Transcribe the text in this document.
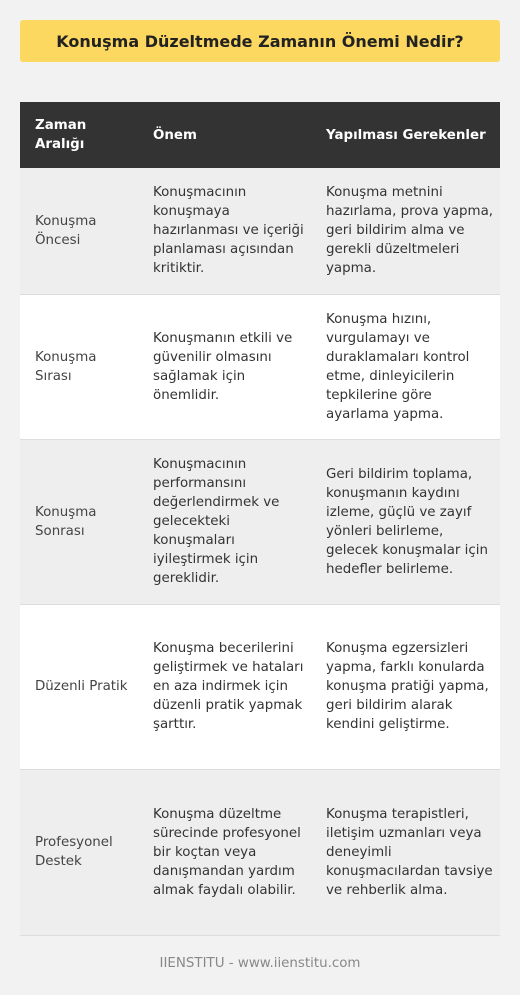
Konuşma Düzeltmede Zamanın Önemi Nedir?
Zaman Aralığı	Önem	Yapılması Gerekenler
Konuşma Öncesi	Konuşmacının konuşmaya hazırlanması ve içeriği planlaması açısından kritiktir.	Konuşma metnini hazırlama, prova yapma, geri bildirim alma ve gerekli düzeltmeleri yapma.
Konuşma Sırası	Konuşmanın etkili ve güvenilir olmasını sağlamak için önemlidir.	Konuşma hızını, vurgulamayı ve duraklamaları kontrol etme, dinleyicilerin tepkilerine göre ayarlama yapma.
Konuşma Sonrası	Konuşmacının performansını değerlendirmek ve gelecekteki konuşmaları iyileştirmek için gereklidir.	Geri bildirim toplama, konuşmanın kaydını izleme, güçlü ve zayıf yönleri belirleme, gelecek konuşmalar için hedefler belirleme.
Düzenli Pratik	Konuşma becerilerini geliştirmek ve hataları en aza indirmek için düzenli pratik yapmak şarttır.	Konuşma egzersizleri yapma, farklı konularda konuşma pratiği yapma, geri bildirim alarak kendini geliştirme.
Profesyonel Destek	Konuşma düzeltme sürecinde profesyonel bir koçtan veya danışmandan yardım almak faydalı olabilir.	Konuşma terapistleri, iletişim uzmanları veya deneyimli konuşmacılardan tavsiye ve rehberlik alma.
IIENSTITU - www.iienstitu.com
